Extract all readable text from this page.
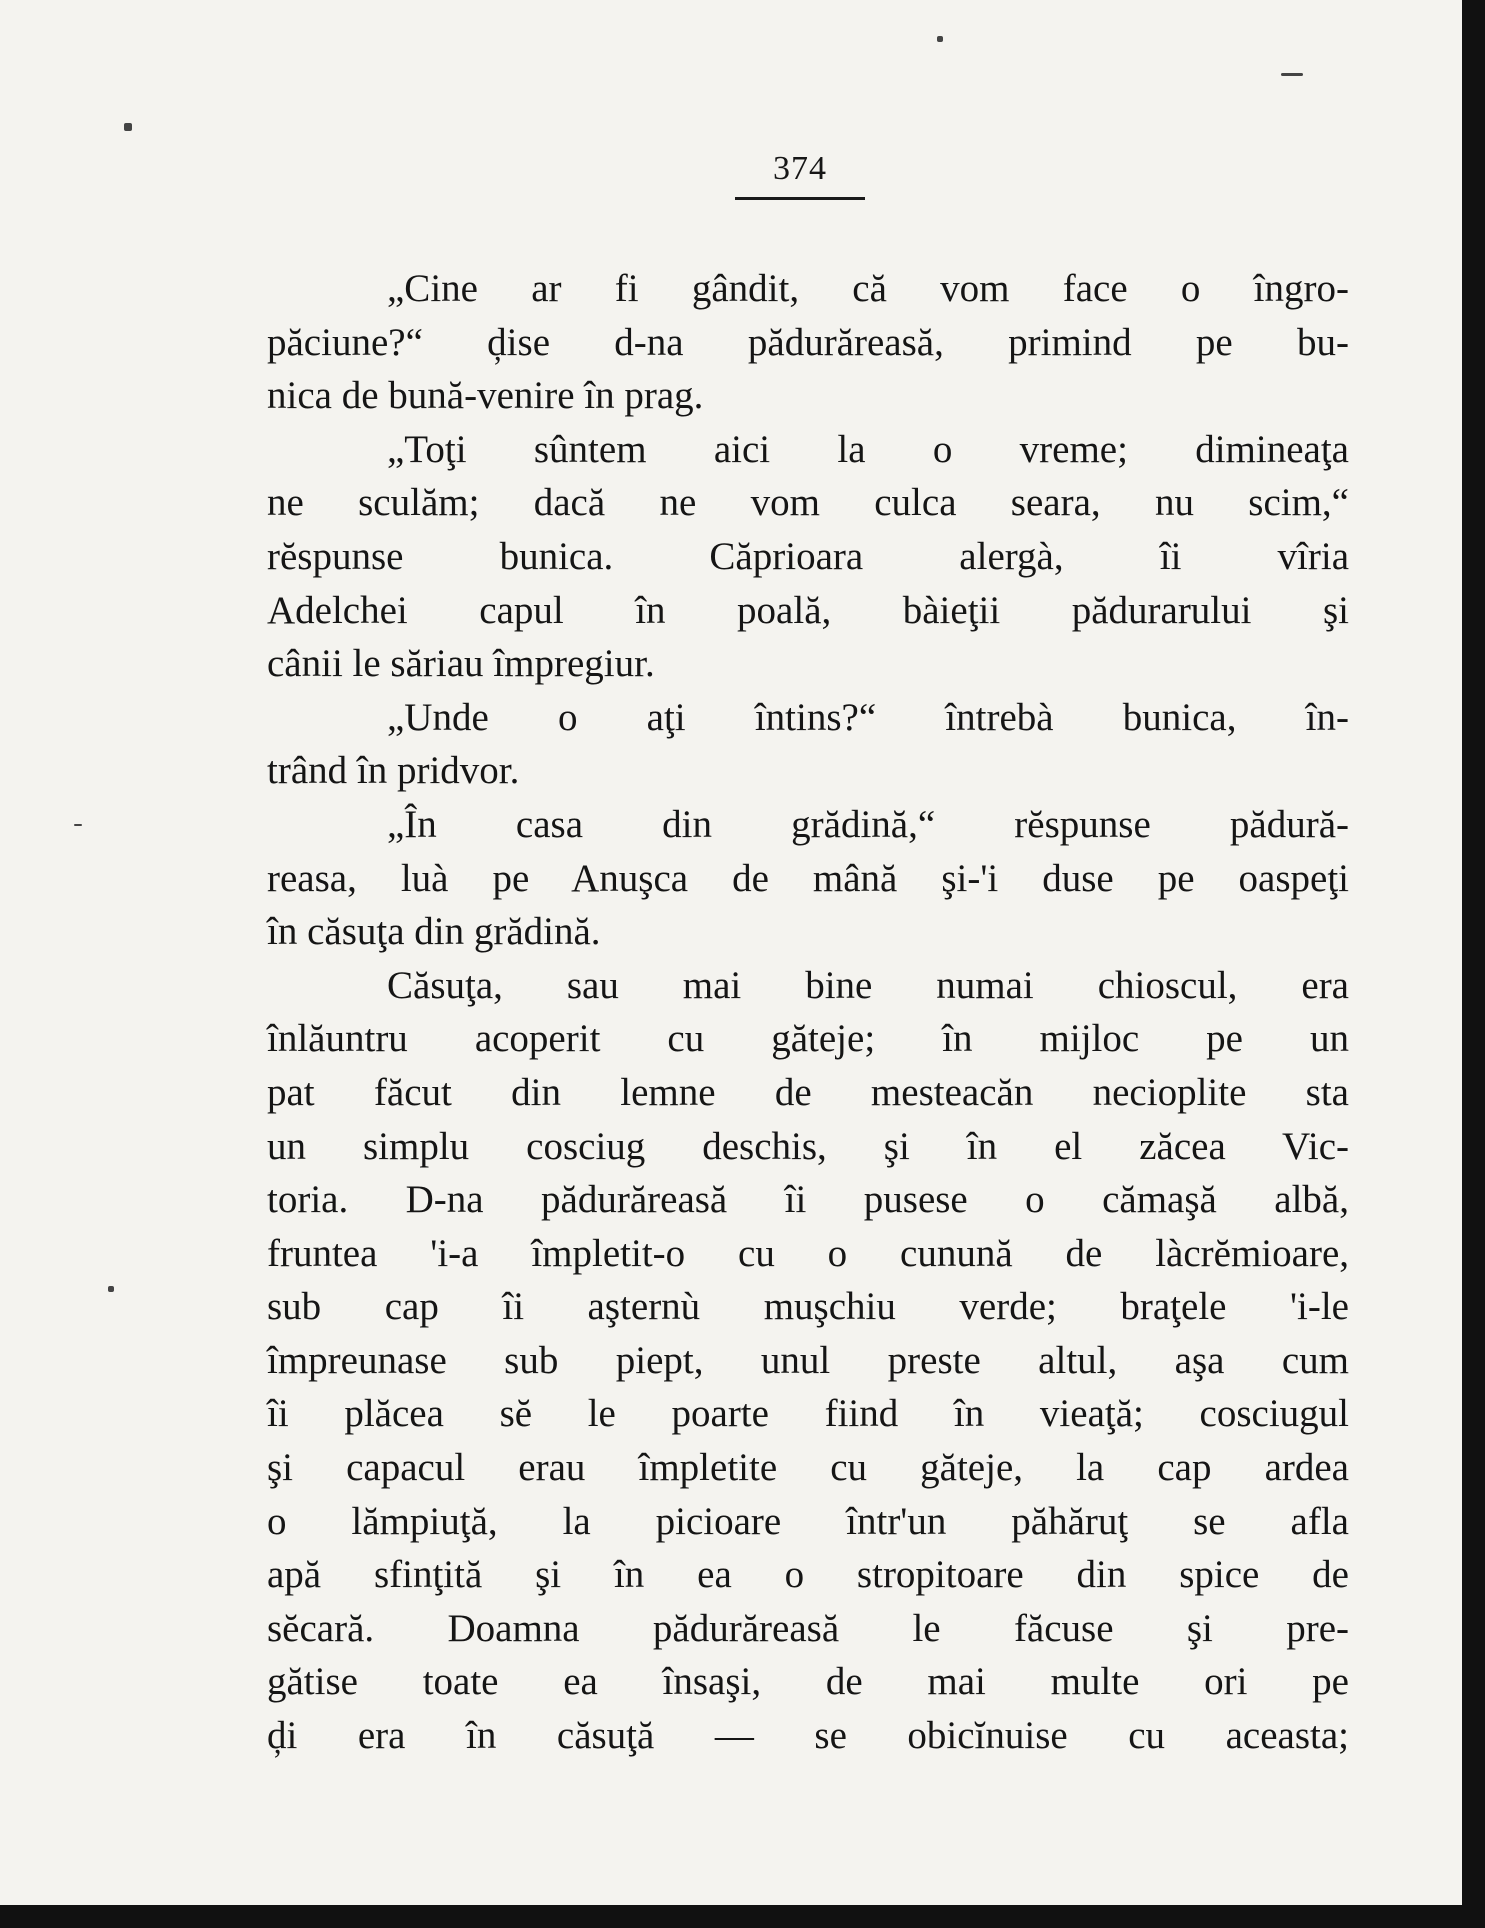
374
„Cine ar fi gândit, că vom face o îngro-
păciune?“ ḑise d-na pădurăreasă, primind pe bu-
nica de bună-venire în prag.
„Toţi sûntem aici la o vreme; dimineaţa
ne sculăm; dacă ne vom culca seara, nu scim,“
rĕspunse bunica. Căprioara alergà, îi vîria
Adelchei capul în poală, bàieţii pădurarului şi
cânii le săriau împregiur.
„Unde o aţi întins?“ întrebà bunica, în-
trând în pridvor.
„În casa din grădină,“ rĕspunse pădură-
reasa, luà pe Anuşca de mână şi-'i duse pe oaspeţi
în căsuţa din grădină.
Căsuţa, sau mai bine numai chioscul, era
înlăuntru acoperit cu găteje; în mijloc pe un
pat făcut din lemne de mesteacăn necioplite sta
un simplu cosciug deschis, şi în el zăcea Vic-
toria. D-na pădurăreasă îi pusese o cămaşă albă,
fruntea 'i-a împletit-o cu o cunună de làcrĕmioare,
sub cap îi aşternù muşchiu verde; braţele 'i-le
împreunase sub piept, unul preste altul, aşa cum
îi plăcea sĕ le poarte fiind în vieaţă; cosciugul
şi capacul erau împletite cu găteje, la cap ardea
o lămpiuţă, la picioare într'un păhăruţ se afla
apă sfinţită şi în ea o stropitoare din spice de
sĕcară. Doamna pădurăreasă le făcuse şi pre-
gătise toate ea însaşi, de mai multe ori pe
ḑi era în căsuţă — se obicĭnuise cu aceasta;
